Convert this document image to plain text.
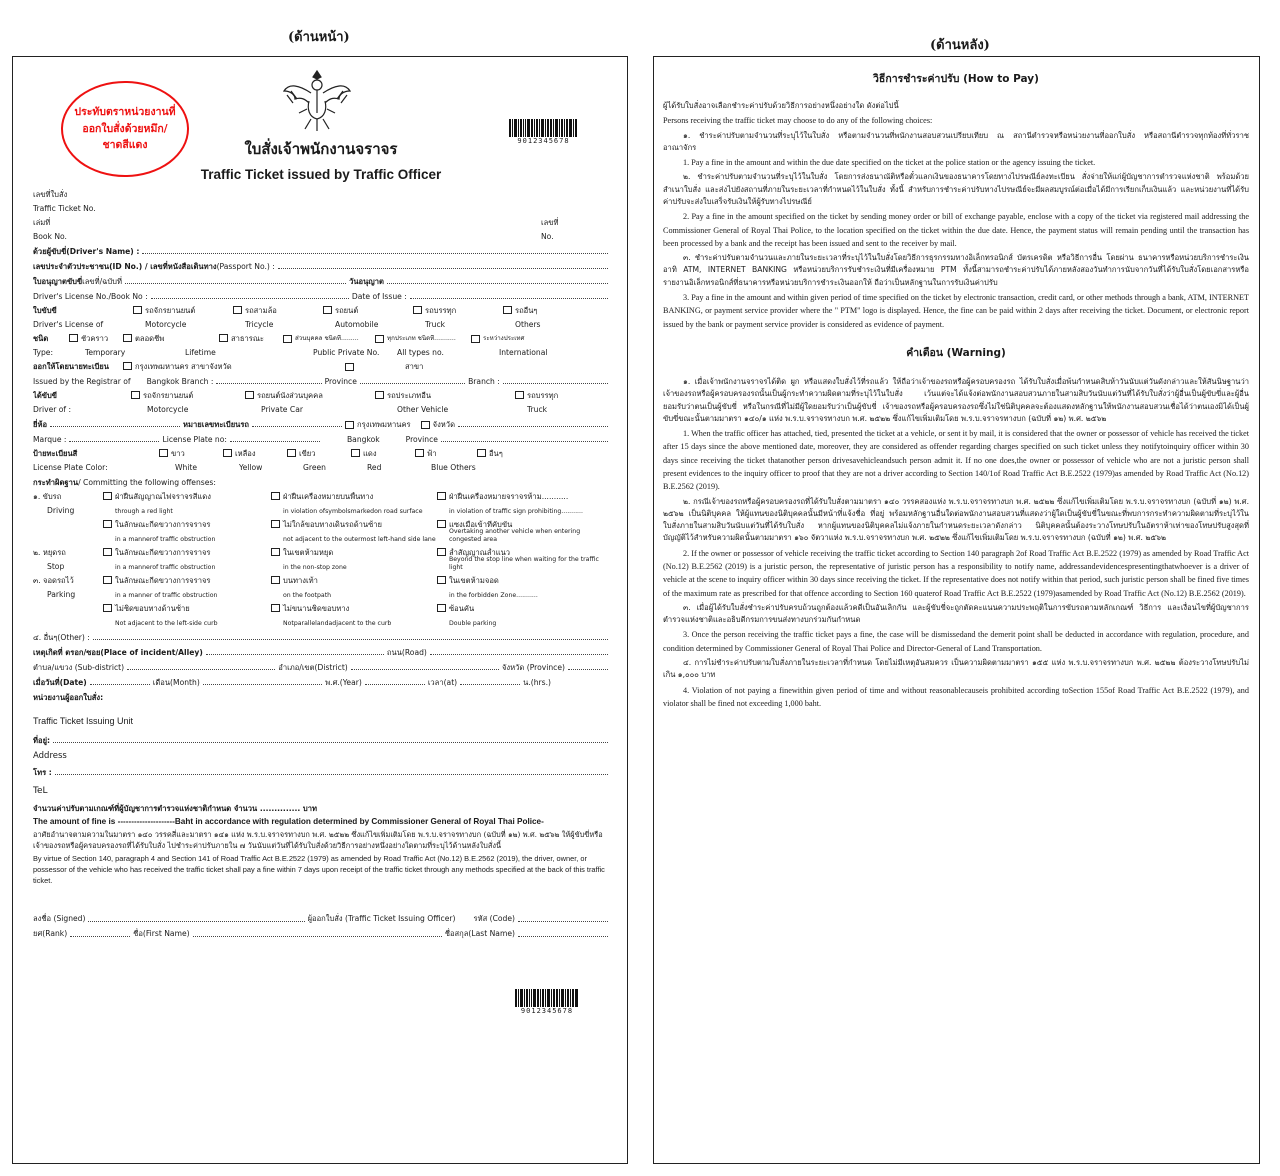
(ด้านหน้า)
(ด้านหลัง)
ประทับตราหน่วยงานที่ออกใบสั่งด้วยหมึก/ชาดสีแดง	9012345678
ใบสั่งเจ้าพนักงานจราจร
Traffic Ticket issued by Traffic Officer
เลขที่ใบสั่ง
Traffic Ticket No.
เล่มที่	เลขที่
Book No.	No.
ด้วยผู้ขับขี่(Driver's Name) :
เลขประจำตัวประชาชน (ID No.) / เลขที่หนังสือเดินทาง (Passport No.) :
ใบอนุญาตขับขี่ เลขที่/ฉบับที่	วันอนุญาต
Driver's License No./Book No :	Date of Issue :
ใบขับขี่	รถจักรยานยนต์	รถสามล้อ	รถยนต์	รถบรรทุก	รถอื่นๆ
Driver's License of	Motorcycle	Tricycle	Automobile	Truck	Others
ชนิด	ชั่วคราว	ตลอดชีพ	สาธารณะ	ส่วนบุคคล ชนิดที่.........	ทุกประเภท ชนิดที่...........	ระหว่างประเทศ
Type:	Temporary	Lifetime	Public Private No.	All types no.	International
ออกให้โดยนายทะเบียน	กรุงเทพมหานคร สาขาจังหวัด	สาขา
Issued by the Registrar of Bangkok Branch :	Province	Branch :
ได้ขับขี่	รถจักรยานยนต์	รถยนต์นั่งส่วนบุคคล	รถประเภทอื่น	รถบรรทุก
Driver of :	Motorcycle	Private Car	Other Vehicle	Truck
ยี่ห้อ	หมายเลขทะเบียนรถ	กรุงเทพมหานคร	จังหวัด
Marque :	License Plate no:	Bangkok	Province
ป้ายทะเบียนสี	ขาว	เหลือง	เขียว	แดง	ฟ้า	อื่นๆ
License Plate Color:	White	Yellow	Green	Red	Blue Others
กระทำผิดฐาน / Committing the following offenses:
๑. ขับรถ	ฝ่าฝืนสัญญาณไฟจราจรสีแดง	ฝ่าฝืนเครื่องหมายบนพื้นทาง	ฝ่าฝืนเครื่องหมายจราจรห้าม...........
Driving	through a red light	in violation ofsymbolsmarkedon road surface	in violation of traffic sign prohibiting...........
ในลักษณะกีดขวางการจราจร	ไม่ใกล้ขอบทางเดินรถด้านซ้าย	แซงเมื่อเข้าที่คับขัน
in a mannerof traffic obstruction	not adjacent to the outermost left-hand side lane
Overtaking another vehicle when entering congested area
๒. หยุดรถ	ในลักษณะกีดขวางการจราจร	ในเขตห้ามหยุด	ล้ำสัญญาณล้ำแนว
Stop	in a mannerof traffic obstruction	in the non-stop zone
Beyond the stop line when waiting for the traffic light
๓. จอดรถไว้	ในลักษณะกีดขวางการจราจร	บนทางเท้า	ในเขตห้ามจอด
Parking	in a manner of traffic obstruction	on the footpath	in the forbidden Zone...........
ไม่ชิดขอบทางด้านซ้าย	ไม่ขนานชิดขอบทาง	ซ้อนคัน
Not adjacent to the left-side curb	Notparallelandadjacent to the curb	Double parking
๔. อื่นๆ(Other) :
เหตุเกิดที่ ตรอก/ซอย(Place of incident/Alley)	ถนน(Road)
ตำบล/แขวง (Sub-district)	อำเภอ/เขต(District)	จังหวัด (Province)
เมื่อวันที่(Date)	เดือน(Month)	พ.ศ.(Year)	เวลา(at)	น.(hrs.)
หน่วยงานผู้ออกใบสั่ง:
Traffic Ticket Issuing Unit
ที่อยู่:
Address
โทร :
TeL
จำนวนค่าปรับตามเกณฑ์ที่ผู้บัญชาการตำรวจแห่งชาติกำหนด จำนวน .............. บาท
The amount of fine is ---------------------Baht in accordance with regulation determined by Commissioner General of Royal Thai Police-
อาศัยอำนาจตามความในมาตรา ๑๔๐ วรรคสี่และมาตรา ๑๔๑ แห่ง พ.ร.บ.จราจรทางบก พ.ศ. ๒๕๒๒ ซึ่งแก้ไขเพิ่มเติมโดย พ.ร.บ.จราจรทางบก (ฉบับที่ ๑๒) พ.ศ. ๒๕๖๒ ให้ผู้ขับขี่หรือเจ้าของรถหรือผู้ครอบครองรถที่ได้รับใบสั่ง ไปชำระค่าปรับภายใน ๗ วันนับแต่วันที่ได้รับใบสั่งด้วยวิธีการอย่างหนึ่งอย่างใดตามที่ระบุไว้ด้านหลังใบสั่งนี้
By virtue of Section 140, paragraph 4 and Section 141 of Road Traffic Act B.E.2522 (1979) as amended by Road Traffic Act (No.12) B.E.2562 (2019), the driver, owner, or possessor of the vehicle who has received the traffic ticket shall pay a fine within 7 days upon receipt of the traffic ticket through any methods specified at the back of this traffic ticket.
ลงชื่อ (Signed)	ผู้ออกใบสั่ง (Traffic Ticket Issuing Officer) รหัส (Code)
ยศ(Rank)	ชื่อ(First Name)	ชื่อสกุล(Last Name)
9012345678
วิธีการชำระค่าปรับ (How to Pay)
ผู้ได้รับใบสั่งอาจเลือกชำระค่าปรับด้วยวิธีการอย่างหนึ่งอย่างใด ดังต่อไปนี้
Persons receiving the traffic ticket may choose to do any of the following choices:
๑. ชำระค่าปรับตามจำนวนที่ระบุไว้ในใบสั่ง หรือตามจำนวนที่พนักงานสอบสวนเปรียบเทียบ ณ สถานีตำรวจหรือหน่วยงานที่ออกใบสั่ง หรือสถานีตำรวจทุกท้องที่ทั่วราชอาณาจักร
1. Pay a fine in the amount and within the due date specified on the ticket at the police station or the agency issuing the ticket.
๒. ชำระค่าปรับตามจำนวนที่ระบุไว้ในใบสั่ง โดยการส่งธนาณัติหรือตั๋วแลกเงินของธนาคารโดยทางไปรษณีย์ลงทะเบียน สั่งจ่ายให้แก่ผู้บัญชาการตำรวจแห่งชาติ พร้อมด้วยสำเนาใบสั่ง และส่งไปยังสถานที่ภายในระยะเวลาที่กำหนดไว้ในใบสั่ง ทั้งนี้ สำหรับการชำระค่าปรับทางไปรษณีย์จะมีผลสมบูรณ์ต่อเมื่อได้มีการเรียกเก็บเงินแล้ว และหน่วยงานที่ได้รับค่าปรับจะส่งใบเสร็จรับเงินให้ผู้รับทางไปรษณีย์
2. Pay a fine in the amount specified on the ticket by sending money order or bill of exchange payable, enclose with a copy of the ticket via registered mail addressing the Commissioner General of Royal Thai Police, to the location specified on the ticket within the due date. Hence, the payment status will remain pending until the transaction has been processed by a bank and the receipt has been issued and sent to the receiver by mail.
๓. ชำระค่าปรับตามจำนวนและภายในระยะเวลาที่ระบุไว้ในใบสั่งโดยวิธีการธุรกรรมทางอิเล็กทรอนิกส์ บัตรเครดิต หรือวิธีการอื่น โดยผ่าน ธนาคารหรือหน่วยบริการชำระเงิน อาทิ ATM, INTERNET BANKING หรือหน่วยบริการรับชำระเงินที่มีเครื่องหมาย PTM ทั้งนี้สามารถชำระค่าปรับได้ภายหลังสองวันทำการนับจากวันที่ได้รับใบสั่งโดยเอกสารหรือรายงานอิเล็กทรอนิกส์ที่ธนาคารหรือหน่วยบริการชำระเงินออกให้ ถือว่าเป็นหลักฐานในการรับเงินค่าปรับ
3. Pay a fine in the amount and within given period of time specified on the ticket by electronic transaction, credit card, or other methods through a bank, ATM, INTERNET BANKING, or payment service provider where the " PTM" logo is displayed. Hence, the fine can be paid within 2 days after receiving the ticket. Document, or electronic report issued by the bank or payment service provider is considered as evidence of payment.
คำเตือน (Warning)
๑. เมื่อเจ้าพนักงานจราจรได้ติด ผูก หรือแสดงใบสั่งไว้ที่รถแล้ว ให้ถือว่าเจ้าของรถหรือผู้ครอบครองรถ ได้รับใบสั่งเมื่อพ้นกำหนดสิบห้าวันนับแต่วันดังกล่าวและให้สันนิษฐานว่าเจ้าของรถหรือผู้ครอบครองรถนั้นเป็นผู้กระทำความผิดตามที่ระบุไว้ในใบสั่ง เว้นแต่จะได้แจ้งต่อพนักงานสอบสวนภายในสามสิบวันนับแต่วันที่ได้รับใบสั่งว่าผู้อื่นเป็นผู้ขับขี่และผู้อื่นยอมรับว่าตนเป็นผู้ขับขี่ หรือในกรณีที่ไม่มีผู้ใดยอมรับว่าเป็นผู้ขับขี่ เจ้าของรถหรือผู้ครอบครองรถซึ่งไม่ใช่นิติบุคคลจะต้องแสดงหลักฐานให้พนักงานสอบสวนเชื่อได้ว่าตนเองมิได้เป็นผู้ขับขี่ขณะนั้นตามมาตรา ๑๔๐/๑ แห่ง พ.ร.บ.จราจรทางบก พ.ศ. ๒๕๒๒ ซึ่งแก้ไขเพิ่มเติมโดย พ.ร.บ.จราจรทางบก (ฉบับที่ ๑๒) พ.ศ. ๒๕๖๒
1. When the traffic officer has attached, tied, presented the ticket at a vehicle, or sent it by mail, it is considered that the owner or possessor of vehicle has received the ticket after 15 days since the above mentioned date, moreover, they are considered as offender regarding charges specified on such ticket unless they notifytoinquiry officer within 30 days since receiving the ticket thatanother person drivesavehicleandsuch person admit it. If no one does,the owner or possessor of vehicle who are not a juristic person shall present evidences to the inquiry officer to proof that they are not a driver according to Section 140/1of Road Traffic Act B.E.2522 (1979)as amended by Road Traffic Act (No.12) B.E.2562 (2019).
๒. กรณีเจ้าของรถหรือผู้ครอบครองรถที่ได้รับใบสั่งตามมาตรา ๑๔๐ วรรคสองแห่ง พ.ร.บ.จราจรทางบก พ.ศ. ๒๕๒๒ ซึ่งแก้ไขเพิ่มเติมโดย พ.ร.บ.จราจรทางบก (ฉบับที่ ๑๒) พ.ศ. ๒๕๖๒ เป็นนิติบุคคล ให้ผู้แทนของนิติบุคคลนั้นมีหน้าที่แจ้งชื่อ ที่อยู่ พร้อมหลักฐานอื่นใดต่อพนักงานสอบสวนที่แสดงว่าผู้ใดเป็นผู้ขับขี่ในขณะที่พบการกระทำความผิดตามที่ระบุไว้ในใบสั่งภายในสามสิบวันนับแต่วันที่ได้รับใบสั่ง หากผู้แทนของนิติบุคคลไม่แจ้งภายในกำหนดระยะเวลาดังกล่าว นิติบุคคลนั้นต้องระวางโทษปรับในอัตราห้าเท่าของโทษปรับสูงสุดที่บัญญัติไว้สำหรับความผิดนั้นตามมาตรา ๑๖๐ จัตวาแห่ง พ.ร.บ.จราจรทางบก พ.ศ. ๒๕๒๒ ซึ่งแก้ไขเพิ่มเติมโดย พ.ร.บ.จราจรทางบก (ฉบับที่ ๑๒) พ.ศ. ๒๕๖๒
2. If the owner or possessor of vehicle receiving the traffic ticket according to Section 140 paragraph 2of Road Traffic Act B.E.2522 (1979) as amended by Road Traffic Act (No.12) B.E.2562 (2019) is a juristic person, the representative of juristic person has a responsibility to notify name, addressandevidencespresentingthatwhoever is a driver of vehicle at the scene to inquiry officer within 30 days since receiving the ticket. If the representative does not notify within that period, such juristic person shall be fined five times of the maximum rate as prescribed for that offence according to Section 160 quaterof Road Traffic Act B.E.2522 (1979)asamended by Road Traffic Act (No.12) B.E.2562 (2019).
๓. เมื่อผู้ได้รับใบสั่งชำระค่าปรับครบถ้วนถูกต้องแล้วคดีเป็นอันเลิกกัน และผู้ขับขี่จะถูกตัดคะแนนความประพฤติในการขับรถตามหลักเกณฑ์ วิธีการ และเงื่อนไขที่ผู้บัญชาการตำรวจแห่งชาติและอธิบดีกรมการขนส่งทางบกร่วมกันกำหนด
3. Once the person receiving the traffic ticket pays a fine, the case will be dismissedand the demerit point shall be deducted in accordance with regulation, procedure, and condition determined by Commissioner General of Royal Thai Police and Director-General of Land Transportation.
๔. การไม่ชำระค่าปรับตามใบสั่งภายในระยะเวลาที่กำหนด โดยไม่มีเหตุอันสมควร เป็นความผิดตามมาตรา ๑๕๕ แห่ง พ.ร.บ.จราจรทางบก พ.ศ. ๒๕๒๒ ต้องระวางโทษปรับไม่เกิน ๑,๐๐๐ บาท
4. Violation of not paying a finewithin given period of time and without reasonablecauseis prohibited according toSection 155of Road Traffic Act B.E.2522 (1979), and violator shall be fined not exceeding 1,000 baht.
